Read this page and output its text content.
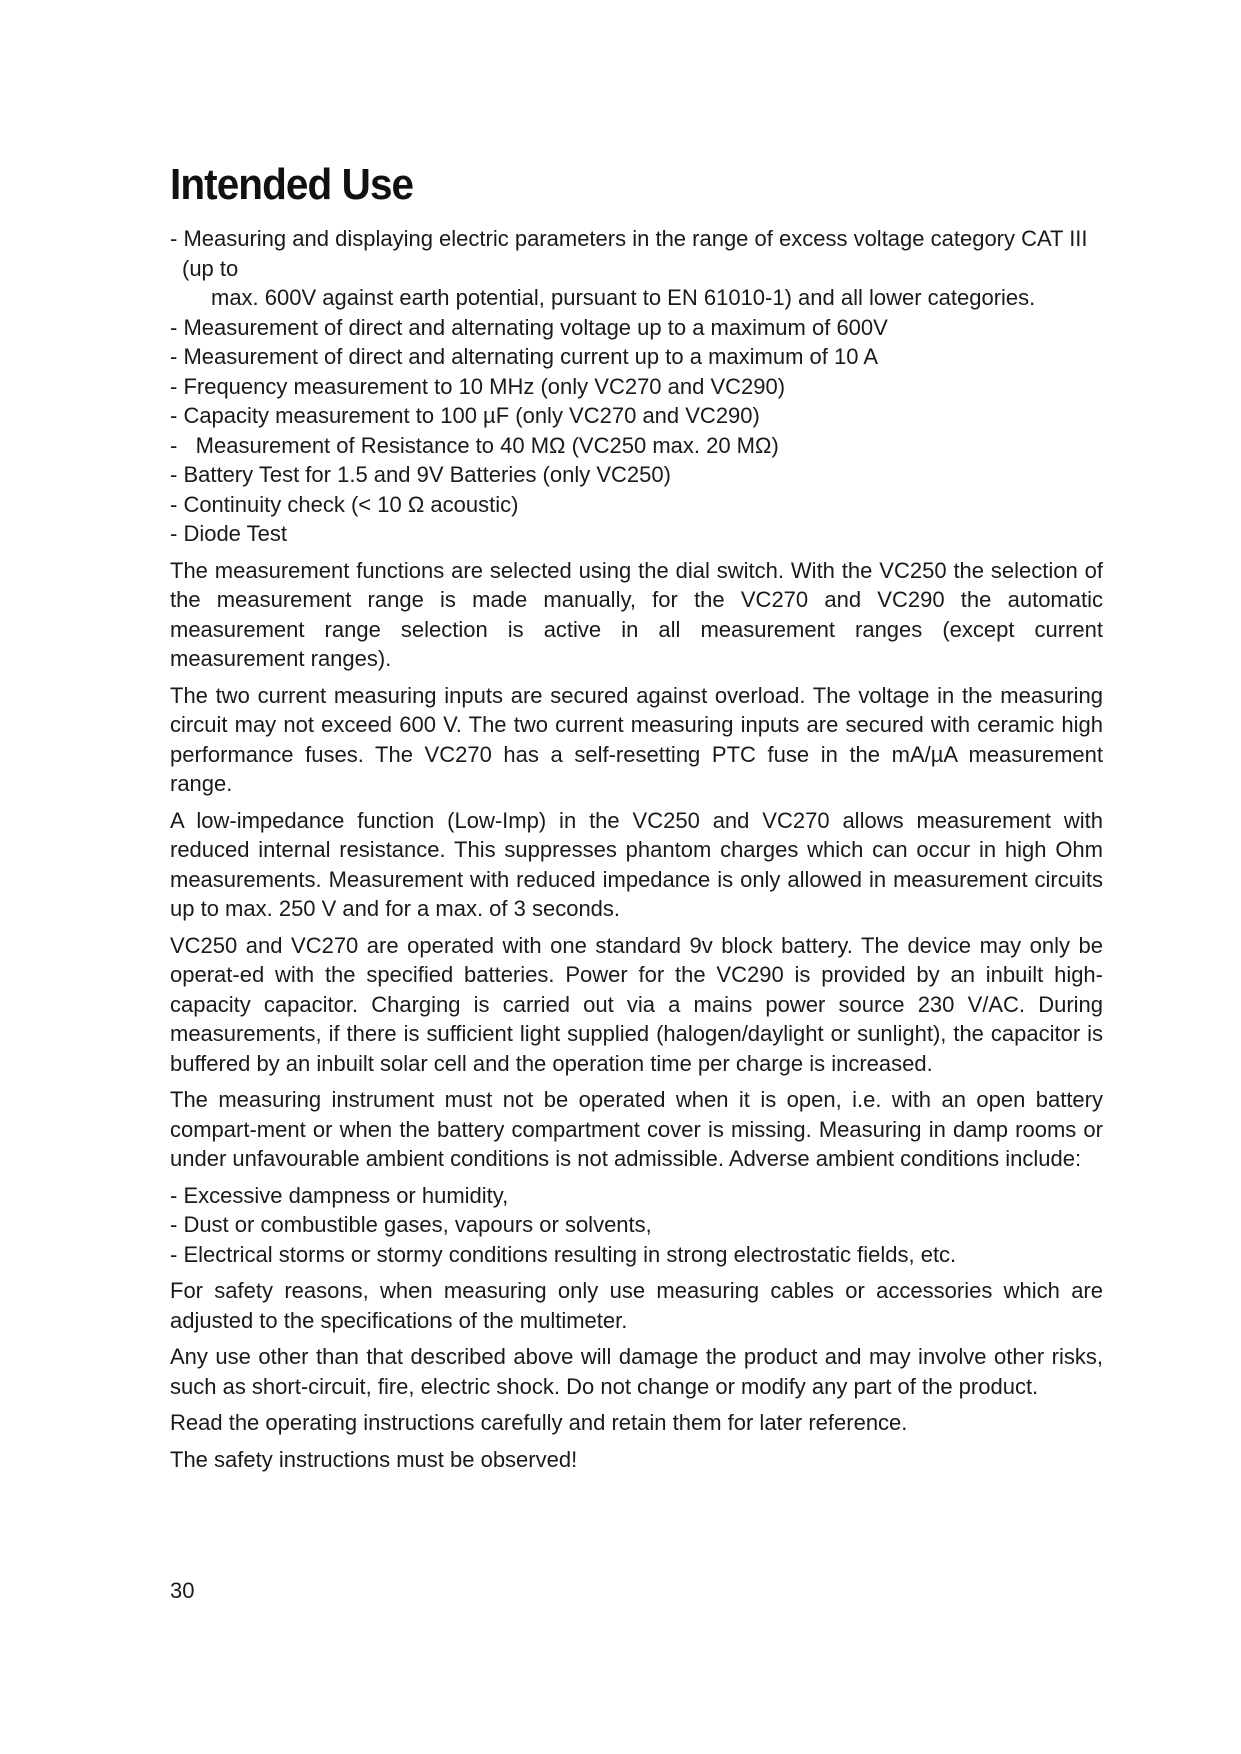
Intended Use
- Measuring and displaying electric parameters in the range of excess voltage category CAT III (up to
max. 600V against earth potential, pursuant to EN 61010-1) and all lower categories.
- Measurement of direct and alternating voltage up to a maximum of 600V
- Measurement of direct and alternating current up to a maximum of 10 A
- Frequency measurement to 10 MHz (only VC270 and VC290)
- Capacity measurement to 100 µF (only VC270 and VC290)
-   Measurement of Resistance to 40 MΩ (VC250 max. 20 MΩ)
- Battery Test for 1.5 and 9V Batteries (only VC250)
- Continuity check (< 10 Ω acoustic)
- Diode Test

The measurement functions are selected using the dial switch. With the VC250 the selection of the measurement range is made manually, for the VC270 and VC290 the automatic measurement range selection is active in all measurement ranges (except current measurement ranges).

The two current measuring inputs are secured against overload. The voltage in the measuring circuit may not exceed 600 V. The two current measuring inputs are secured with ceramic high performance fuses. The VC270 has a self-resetting PTC fuse in the mA/µA measurement range.

A low-impedance function (Low-Imp) in the VC250 and VC270 allows measurement with reduced internal resistance. This suppresses phantom charges which can occur in high Ohm measurements. Measurement with reduced impedance is only allowed in measurement circuits up to max. 250 V and for a max. of 3 seconds.

VC250 and VC270 are operated with one standard 9v block battery. The device may only be operat-ed with the specified batteries. Power for the VC290 is provided by an inbuilt high-capacity capacitor. Charging is carried out via a mains power source 230 V/AC. During measurements, if there is sufficient light supplied (halogen/daylight or sunlight), the capacitor is buffered by an inbuilt solar cell and the operation time per charge is increased.

The measuring instrument must not be operated when it is open, i.e. with an open battery compart-ment or when the battery compartment cover is missing. Measuring in damp rooms or under unfavourable ambient conditions is not admissible. Adverse ambient conditions include:

- Excessive dampness or humidity,
- Dust or combustible gases, vapours or solvents,
- Electrical storms or stormy conditions resulting in strong electrostatic fields, etc.

For safety reasons, when measuring only use measuring cables or accessories which are adjusted to the specifications of the multimeter.

Any use other than that described above will damage the product and may involve other risks, such as short-circuit, fire, electric shock. Do not change or modify any part of the product.

Read the operating instructions carefully and retain them for later reference.

The safety instructions must be observed!

30
